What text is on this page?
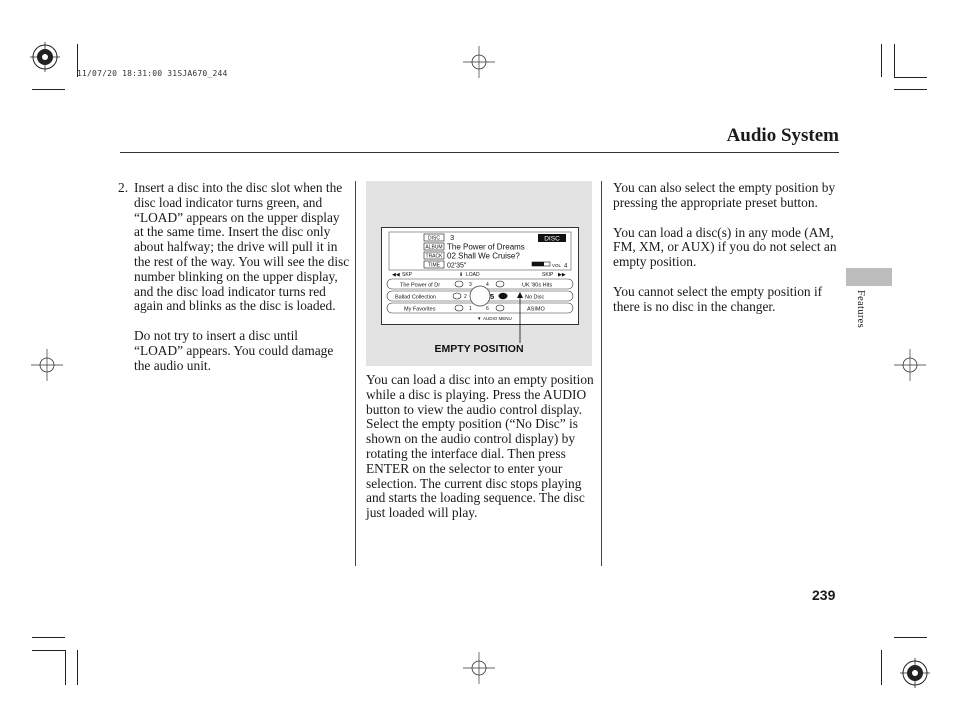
11/07/20 18:31:00 31SJA670_244
Audio System
2. Insert a disc into the disc slot when the disc load indicator turns green, and “LOAD” appears on the upper display at the same time. Insert the disc only about halfway; the drive will pull it in the rest of the way. You will see the disc number blinking on the upper display, and the disc load indicator turns red again and blinks as the disc is loaded.

Do not try to insert a disc until “LOAD” appears. You could damage the audio unit.

DISC 3	DISC
ALBUM The Power of Dreams
TRACK 02 Shall We Cruise?
TIME 02'35"	VOL 4
◀◀ SKP	⬇ LOAD	SKIP ▶▶
The Power of Dr	3	4	UK '80s Hits
Ballad Collection	2	5	No Disc
My Favorites	1	6	ASIMO
▼ AUDIO MENU
EMPTY POSITION

You can load a disc into an empty position while a disc is playing. Press the AUDIO button to view the audio control display. Select the empty position (“No Disc” is shown on the audio control display) by rotating the interface dial. Then press ENTER on the selector to enter your selection. The current disc stops playing and starts the loading sequence. The disc just loaded will play.

You can also select the empty position by pressing the appropriate preset button.

You can load a disc(s) in any mode (AM, FM, XM, or AUX) if you do not select an empty position.

You cannot select the empty position if there is no disc in the changer.	Features
239
